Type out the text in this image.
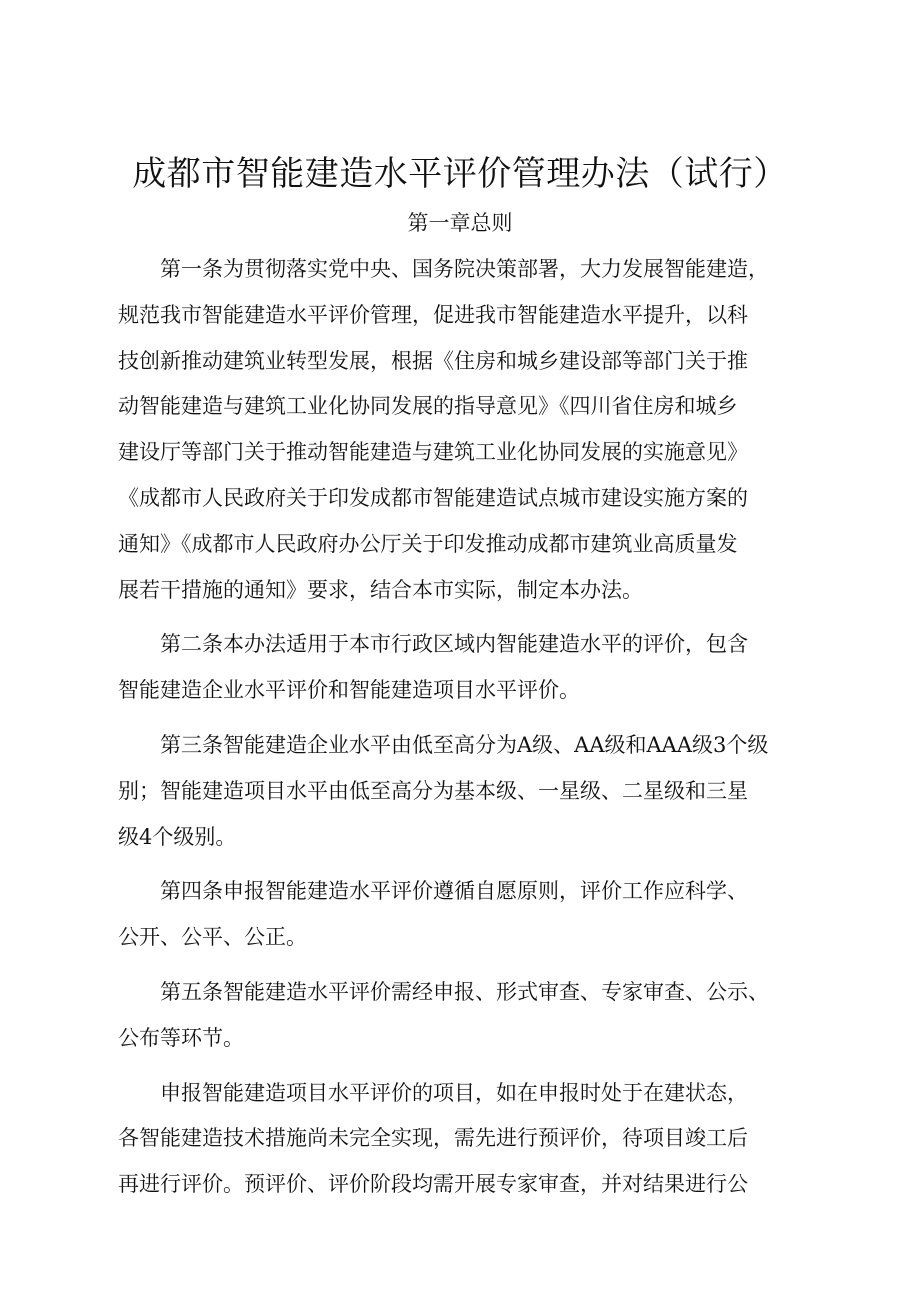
成都市智能建造水平评价管理办法（试行）
第一章总则
第一条为贯彻落实党中央、国务院决策部署，大力发展智能建造，
规范我市智能建造水平评价管理，促进我市智能建造水平提升，以科
技创新推动建筑业转型发展，根据《住房和城乡建设部等部门关于推
动智能建造与建筑工业化协同发展的指导意见》《四川省住房和城乡
建设厅等部门关于推动智能建造与建筑工业化协同发展的实施意见》
《成都市人民政府关于印发成都市智能建造试点城市建设实施方案的
通知》《成都市人民政府办公厅关于印发推动成都市建筑业高质量发
展若干措施的通知》要求，结合本市实际，制定本办法。
第二条本办法适用于本市行政区域内智能建造水平的评价，包含
智能建造企业水平评价和智能建造项目水平评价。
第三条智能建造企业水平由低至高分为A级、AA级和AAA级3个级
别；智能建造项目水平由低至高分为基本级、一星级、二星级和三星
级4个级别。
第四条申报智能建造水平评价遵循自愿原则，评价工作应科学、
公开、公平、公正。
第五条智能建造水平评价需经申报、形式审查、专家审查、公示、
公布等环节。
申报智能建造项目水平评价的项目，如在申报时处于在建状态，
各智能建造技术措施尚未完全实现，需先进行预评价，待项目竣工后
再进行评价。预评价、评价阶段均需开展专家审查，并对结果进行公
